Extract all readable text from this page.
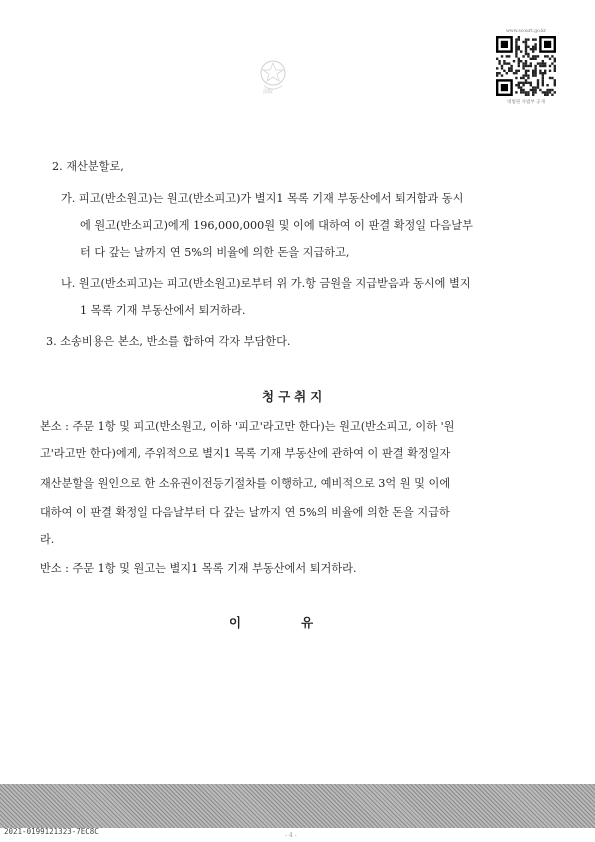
法院
www.scourt.go.kr
대법원 사법부 공개
2. 재산분할로,
가. 피고(반소원고)는 원고(반소피고)가 별지1 목록 기재 부동산에서 퇴거함과 동시
에 원고(반소피고)에게 196,000,000원 및 이에 대하여 이 판결 확정일 다음날부
터 다 갚는 날까지 연 5%의 비율에 의한 돈을 지급하고,
나. 원고(반소피고)는 피고(반소원고)로부터 위 가.항 금원을 지급받음과 동시에 별지
1 목록 기재 부동산에서 퇴거하라.
3. 소송비용은 본소, 반소를 합하여 각자 부담한다.
청구취지
본소 : 주문 1항 및 피고(반소원고, 이하 '피고'라고만 한다)는 원고(반소피고, 이하 '원
고'라고만 한다)에게, 주위적으로 별지1 목록 기재 부동산에 관하여 이 판결 확정일자
재산분할을 원인으로 한 소유권이전등기절차를 이행하고, 예비적으로 3억 원 및 이에
대하여 이 판결 확정일 다음날부터 다 갚는 날까지 연 5%의 비율에 의한 돈을 지급하
라.
반소 : 주문 1항 및 원고는 별지1 목록 기재 부동산에서 퇴거하라.
이	유
2021-0199121323-7EC8C	- 4 -
